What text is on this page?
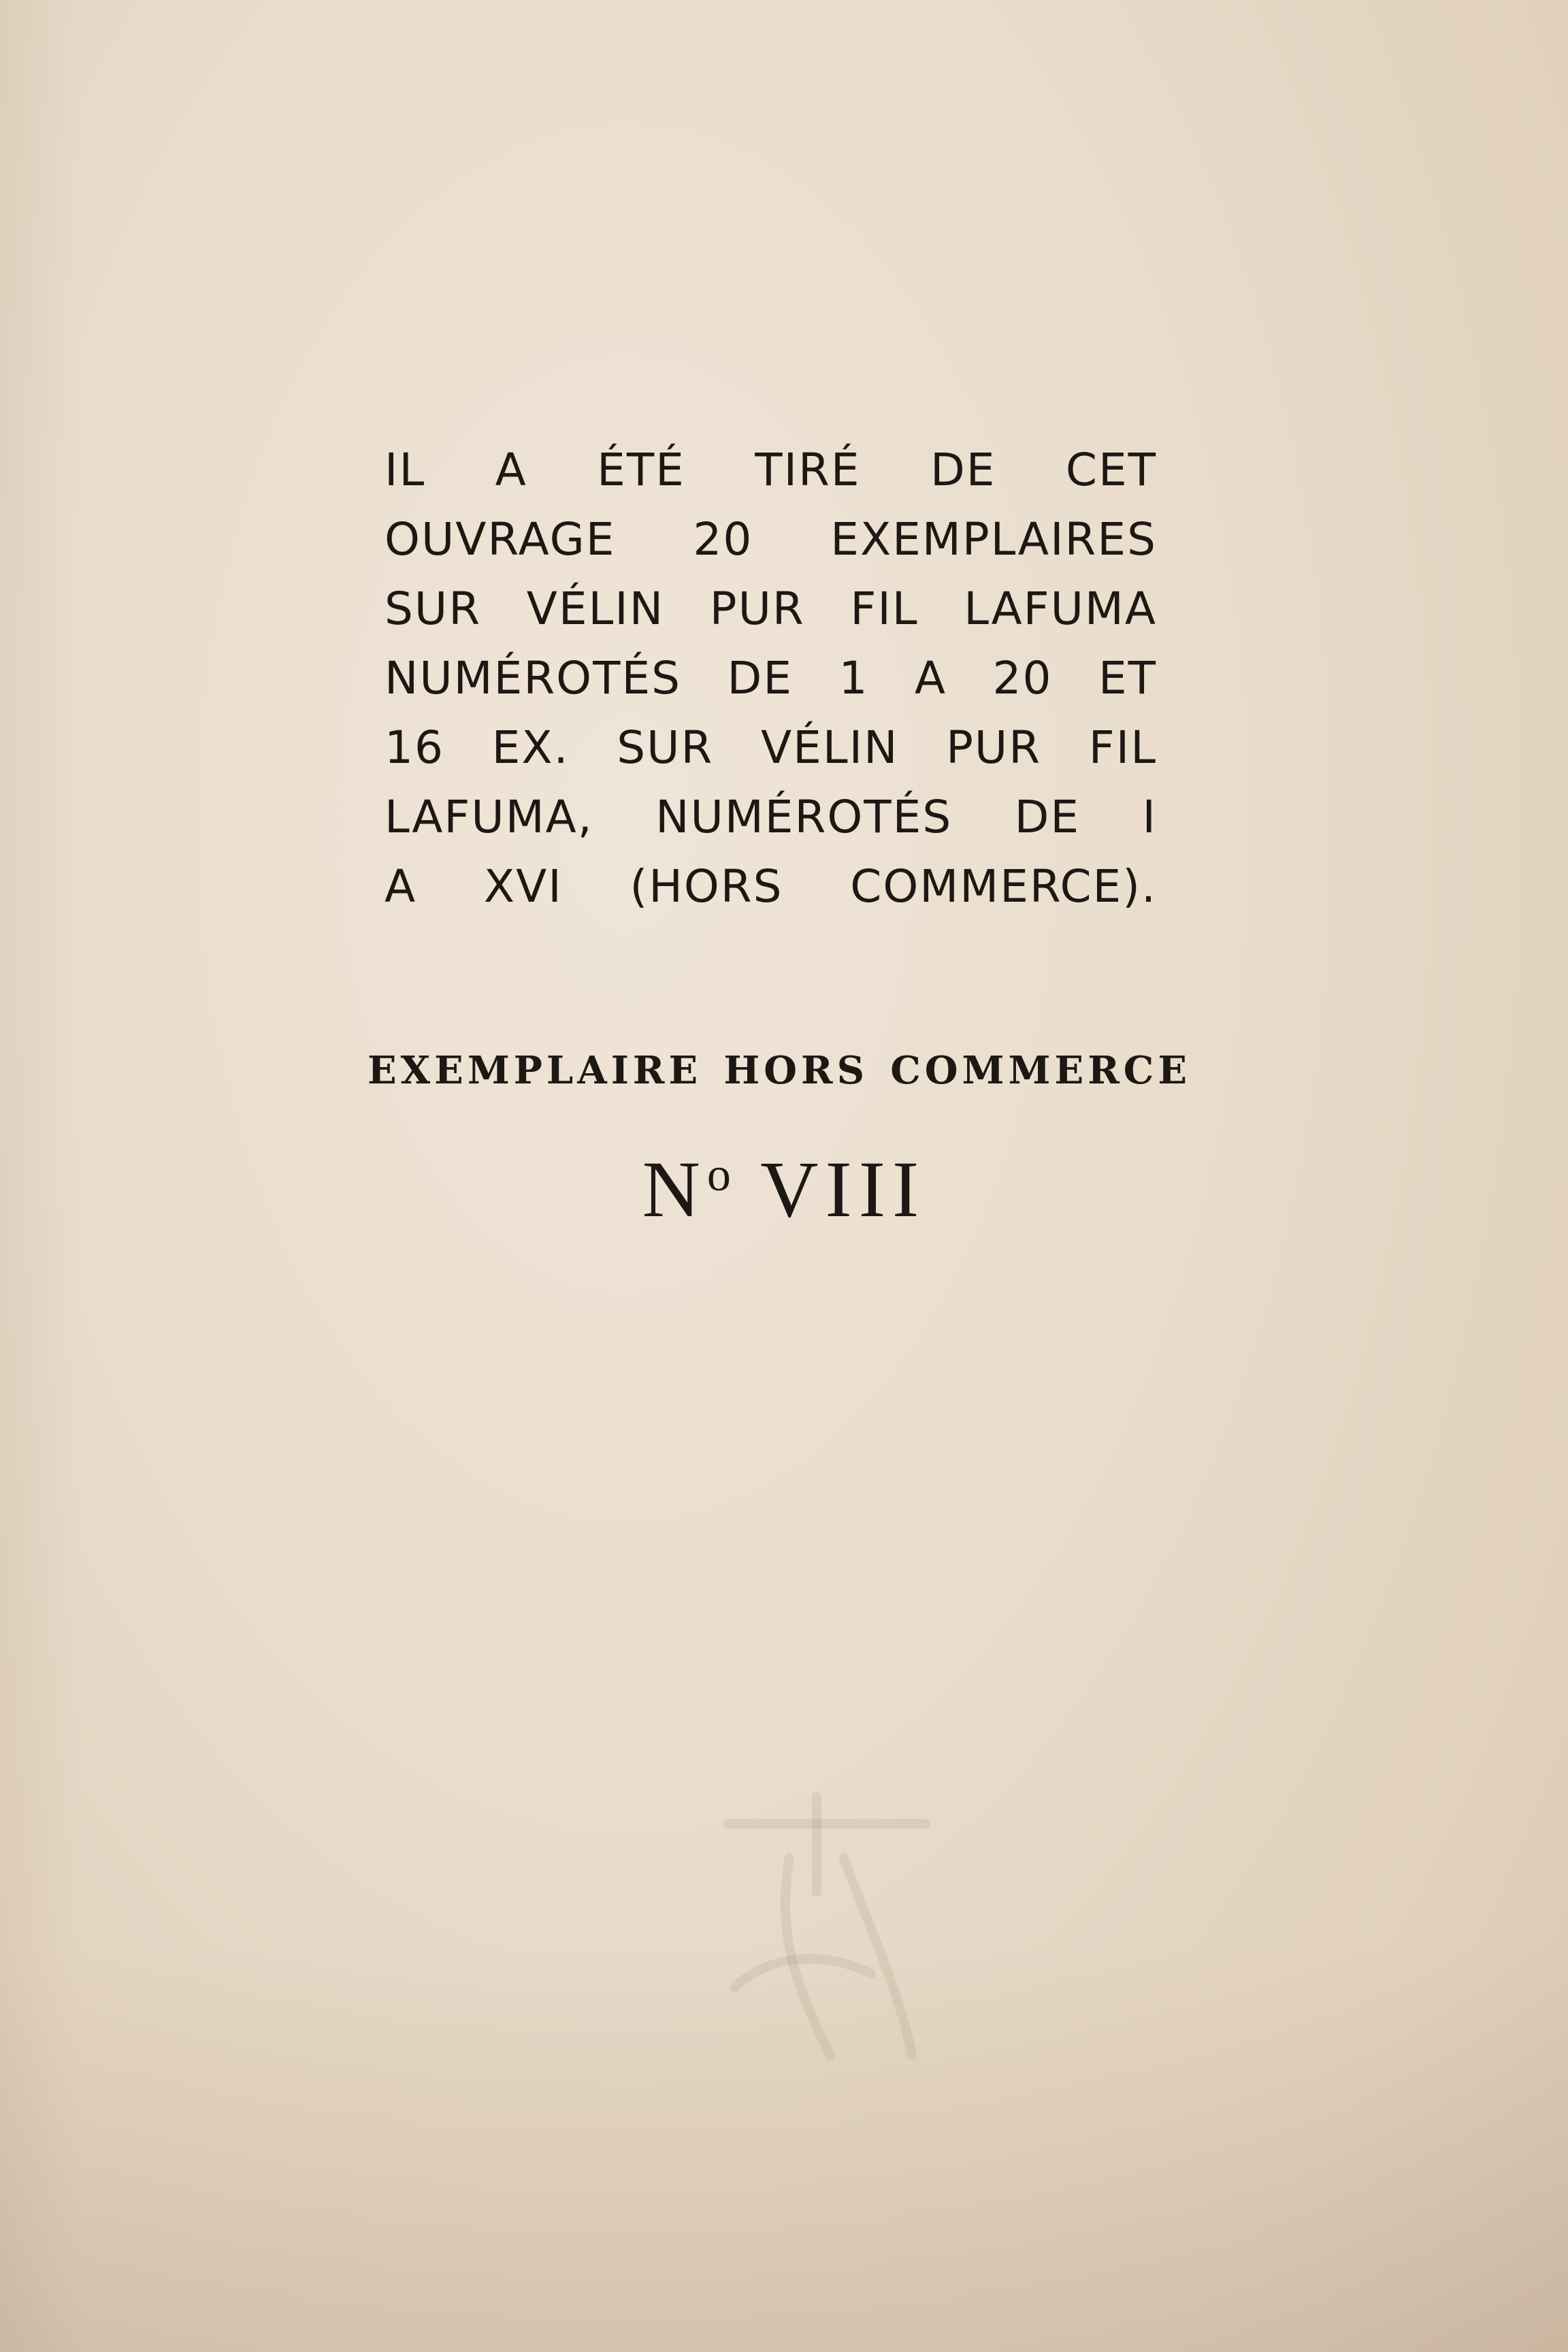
IL A ÉTÉ TIRÉ DE CET
OUVRAGE 20 EXEMPLAIRES
SUR VÉLIN PUR FIL LAFUMA
NUMÉROTÉS DE 1 A 20 ET
16 EX. SUR VÉLIN PUR FIL
LAFUMA, NUMÉROTÉS DE I
A XVI (HORS COMMERCE).
EXEMPLAIRE HORS COMMERCE
$N^o$ VIII
